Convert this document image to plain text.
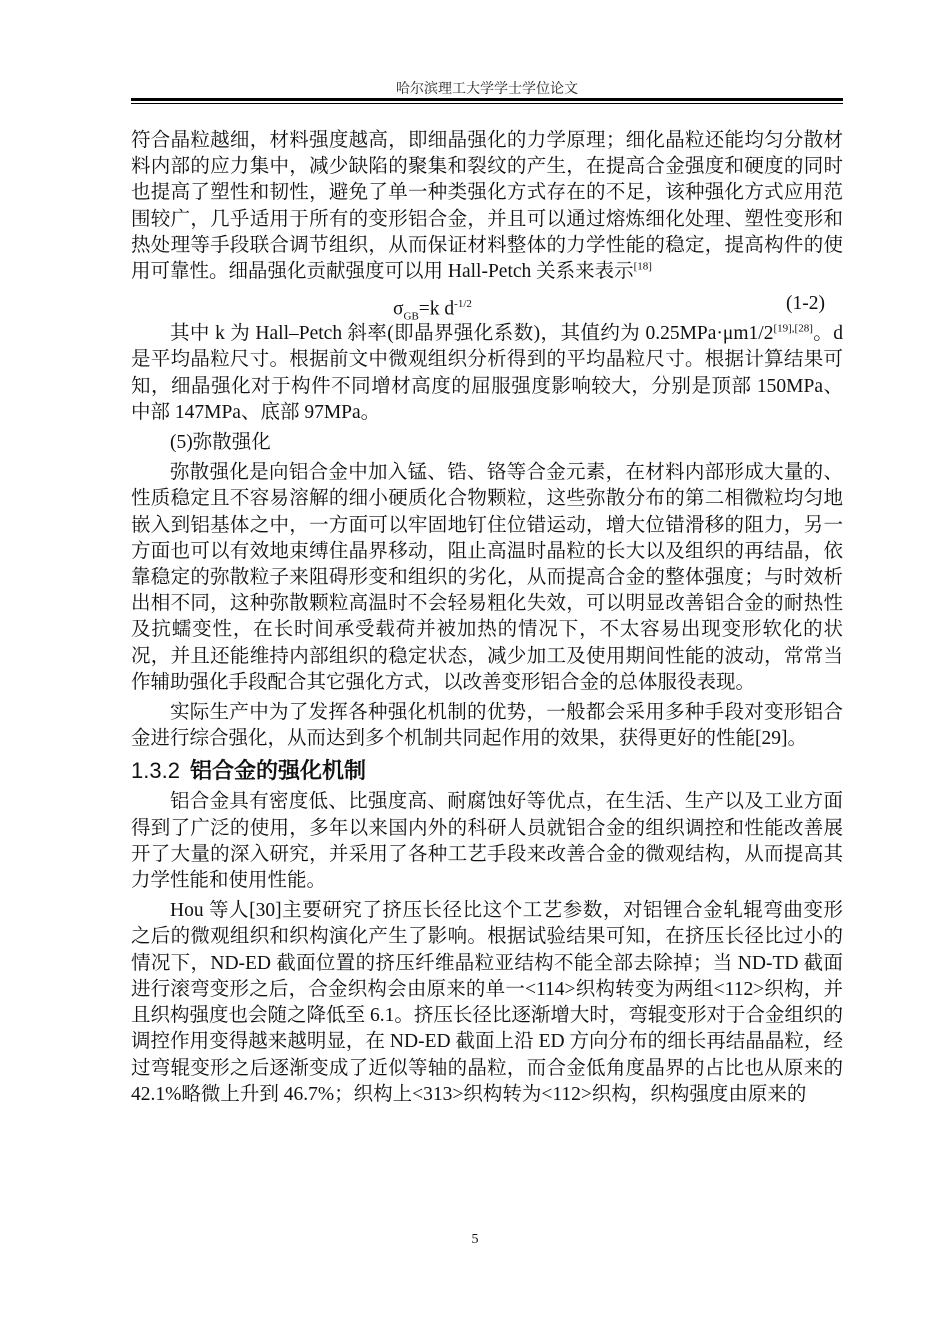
哈尔滨理工大学学士学位论文

符合晶粒越细，材料强度越高，即细晶强化的力学原理；细化晶粒还能均匀分散材料内部的应力集中，减少缺陷的聚集和裂纹的产生，在提高合金强度和硬度的同时也提高了塑性和韧性，避免了单一种类强化方式存在的不足，该种强化方式应用范围较广，几乎适用于所有的变形铝合金，并且可以通过熔炼细化处理、塑性变形和热处理等手段联合调节组织，从而保证材料整体的力学性能的稳定，提高构件的使用可靠性。细晶强化贡献强度可以用 Hall-Petch 关系来表示[18]

$\sigma_{GB}=k$ $d^{-1/2}$	(1-2)

其中 k 为 Hall–Petch 斜率(即晶界强化系数)，其值约为 0.25MPa·μm1/2[19],[28]。d 是平均晶粒尺寸。根据前文中微观组织分析得到的平均晶粒尺寸。根据计算结果可知，细晶强化对于构件不同增材高度的屈服强度影响较大，分别是顶部 150MPa、中部 147MPa、底部 97MPa。

(5)弥散强化

弥散强化是向铝合金中加入锰、锆、铬等合金元素，在材料内部形成大量的、性质稳定且不容易溶解的细小硬质化合物颗粒，这些弥散分布的第二相微粒均匀地嵌入到铝基体之中，一方面可以牢固地钉住位错运动，增大位错滑移的阻力，另一方面也可以有效地束缚住晶界移动，阻止高温时晶粒的长大以及组织的再结晶，依靠稳定的弥散粒子来阻碍形变和组织的劣化，从而提高合金的整体强度；与时效析出相不同，这种弥散颗粒高温时不会轻易粗化失效，可以明显改善铝合金的耐热性及抗蠕变性，在长时间承受载荷并被加热的情况下，不太容易出现变形软化的状况，并且还能维持内部组织的稳定状态，减少加工及使用期间性能的波动，常常当作辅助强化手段配合其它强化方式，以改善变形铝合金的总体服役表现。

实际生产中为了发挥各种强化机制的优势，一般都会采用多种手段对变形铝合金进行综合强化，从而达到多个机制共同起作用的效果，获得更好的性能[29]。

1.3.2 铝合金的强化机制

铝合金具有密度低、比强度高、耐腐蚀好等优点，在生活、生产以及工业方面得到了广泛的使用，多年以来国内外的科研人员就铝合金的组织调控和性能改善展开了大量的深入研究，并采用了各种工艺手段来改善合金的微观结构，从而提高其力学性能和使用性能。

Hou 等人[30]主要研究了挤压长径比这个工艺参数，对铝锂合金轧辊弯曲变形之后的微观组织和织构演化产生了影响。根据试验结果可知，在挤压长径比过小的情况下，ND-ED 截面位置的挤压纤维晶粒亚结构不能全部去除掉；当 ND-TD 截面进行滚弯变形之后，合金织构会由原来的单一<114>织构转变为两组<112>织构，并且织构强度也会随之降低至 6.1。挤压长径比逐渐增大时，弯辊变形对于合金组织的调控作用变得越来越明显，在 ND-ED 截面上沿 ED 方向分布的细长再结晶晶粒，经过弯辊变形之后逐渐变成了近似等轴的晶粒，而合金低角度晶界的占比也从原来的 42.1%略微上升到 46.7%；织构上<313>织构转为<112>织构，织构强度由原来的

5
